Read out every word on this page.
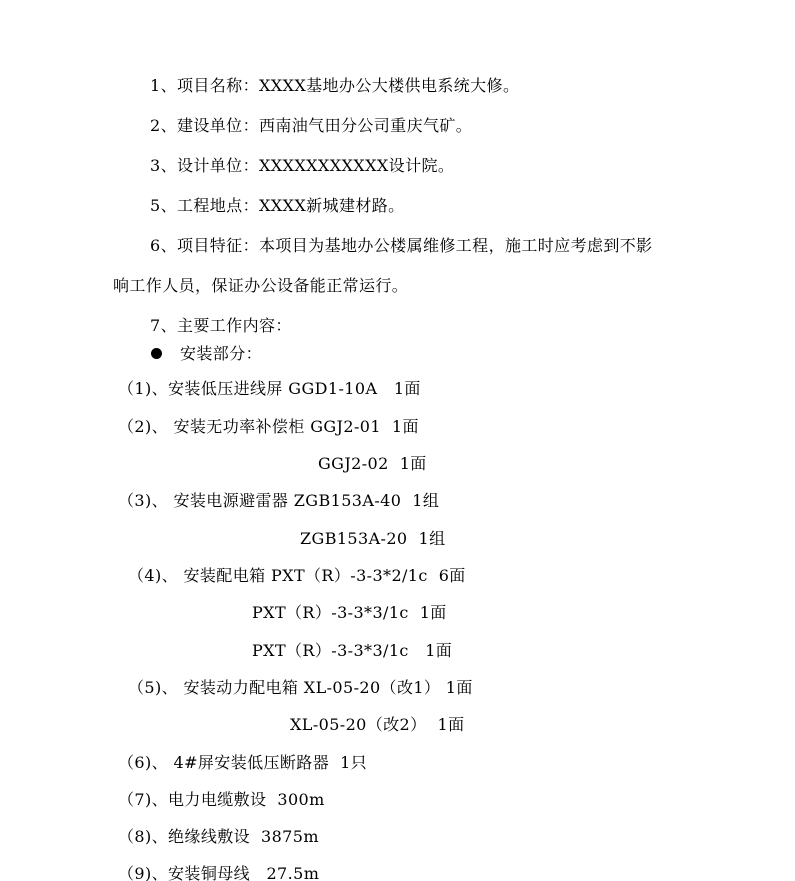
1、项目名称：XXXX基地办公大楼供电系统大修。
2、建设单位：西南油气田分公司重庆气矿。
3、设计单位：XXXXXXXXXXX设计院。
5、工程地点：XXXX新城建材路。
6、项目特征：本项目为基地办公楼属维修工程，施工时应考虑到不影
响工作人员，保证办公设备能正常运行。
7、主要工作内容：
安装部分：
（1)、安装低压进线屏 GGD1-10A   1面
（2)、 安装无功率补偿柜 GGJ2-01  1面
GGJ2-02  1面
（3)、 安装电源避雷器 ZGB153A-40  1组
ZGB153A-20  1组
（4)、 安装配电箱 PXT（R）-3-3*2/1c  6面
PXT（R）-3-3*3/1c  1面
PXT（R）-3-3*3/1c   1面
（5)、 安装动力配电箱 XL-05-20（改1） 1面
XL-05-20（改2）  1面
（6)、 4#屏安装低压断路器  1只
（7)、电力电缆敷设  300m
（8)、绝缘线敷设  3875m
（9)、安装铜母线   27.5m
